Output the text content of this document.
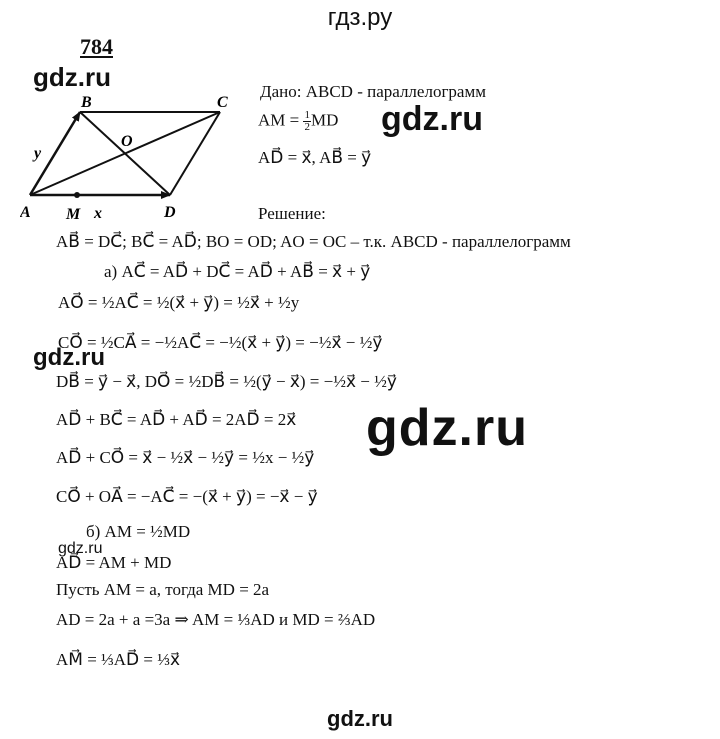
гдз.ру
gdz.ru
gdz.ru
gdz.ru
gdz.ru
gdz.ru
gdz.ru
784
A
B	C
D
O
M x⃗
y⃗
Дано: ABCD - параллелограмм
AM = $\frac{1}{2}$ MD
AD⃗ = x⃗, AB⃗ = y⃗
Решение:
AB⃗ = DC⃗; BC⃗ = AD⃗; BO = OD; AO = OC – т.к. ABCD - параллелограмм
а) AC⃗ = AD⃗ + DC⃗ = AD⃗ + AB⃗ = x⃗ + y⃗
AO⃗ = ½AC⃗ = ½(x⃗ + y⃗) = ½x⃗ + ½y
CO⃗ = ½CA⃗ = −½AC⃗ = −½(x⃗ + y⃗) = −½x⃗ − ½y⃗
DB⃗ = y⃗ − x⃗, DO⃗ = ½DB⃗ = ½(y⃗ − x⃗) = −½x⃗ − ½y⃗
AD⃗ + BC⃗ = AD⃗ + AD⃗ = 2AD⃗ = 2x⃗
AD⃗ + CO⃗ = x⃗ − ½x⃗ − ½y⃗ = ½x − ½y⃗
CO⃗ + OA⃗ = −AC⃗ = −(x⃗ + y⃗) = −x⃗ − y⃗
б) AM = ½MD
AD⃗ = AM + MD
Пусть AM = a, тогда MD = 2a
AD = 2a + a =3a ⇒ AM = ⅓AD и MD = ⅔AD
AM⃗ = ⅓AD⃗ = ⅓x⃗
